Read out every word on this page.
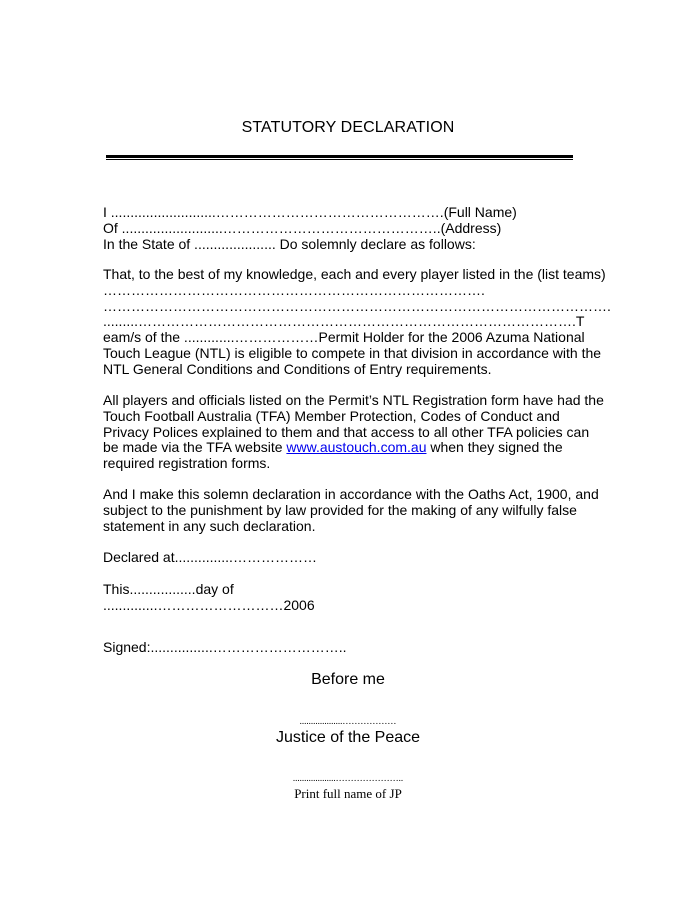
STATUTORY DECLARATION
I ...........................………………………………………….(Full Name)
Of ..........................………………………………………..(Address)
In the State of ..................... Do solemnly declare as follows:
That, to the best of my knowledge, each and every player listed in the (list teams)
……………………………………………………………………….
……………………………………………………………………………………………….
.........………………………………………………………………………………….T
eam/s of the .............………………Permit Holder for the 2006 Azuma National
Touch League (NTL) is eligible to compete in that division in accordance with the
NTL General Conditions and Conditions of Entry requirements.
All players and officials listed on the Permit’s NTL Registration form have had the
Touch Football Australia (TFA) Member Protection, Codes of Conduct and
Privacy Polices explained to them and that access to all other TFA policies can
be made via the TFA website www.austouch.com.au when they signed the
required registration forms.
And I make this solemn declaration in accordance with the Oaths Act, 1900, and
subject to the punishment by law provided for the making of any wilfully false
statement in any such declaration.
Declared at...............………………
This.................day of
..............………………………2006
Signed:................………………………..
Before me
...................………………
Justice of the Peace
...................…………………..
Print full name of JP
